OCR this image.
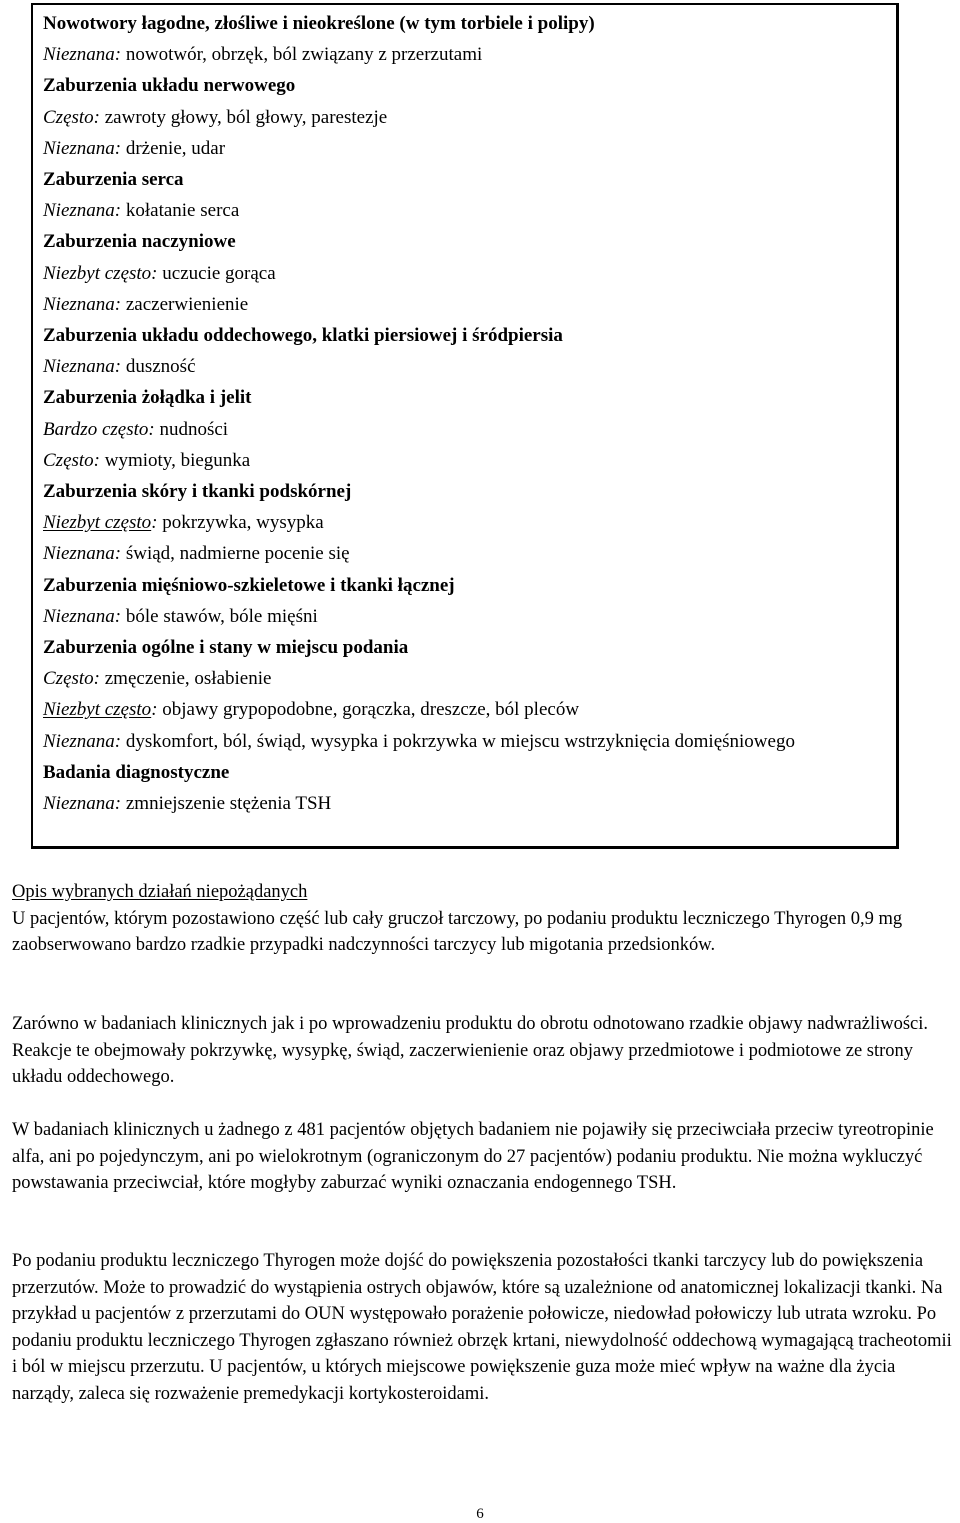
Nowotwory łagodne, złośliwe i nieokreślone (w tym torbiele i polipy)
Nieznana: nowotwór, obrzęk, ból związany z przerzutami
Zaburzenia układu nerwowego
Często: zawroty głowy, ból głowy, parestezje
Nieznana: drżenie, udar
Zaburzenia serca
Nieznana: kołatanie serca
Zaburzenia naczyniowe
Niezbyt często: uczucie gorąca
Nieznana: zaczerwienienie
Zaburzenia układu oddechowego, klatki piersiowej i śródpiersia
Nieznana: duszność
Zaburzenia żołądka i jelit
Bardzo często: nudności
Często: wymioty, biegunka
Zaburzenia skóry i tkanki podskórnej
Niezbyt często: pokrzywka, wysypka
Nieznana: świąd, nadmierne pocenie się
Zaburzenia mięśniowo-szkieletowe i tkanki łącznej
Nieznana: bóle stawów, bóle mięśni
Zaburzenia ogólne i stany w miejscu podania
Często: zmęczenie, osłabienie
Niezbyt często: objawy grypopodobne, gorączka, dreszcze, ból pleców
Nieznana: dyskomfort, ból, świąd, wysypka i pokrzywka w miejscu wstrzyknięcia domięśniowego
Badania diagnostyczne
Nieznana: zmniejszenie stężenia TSH
Opis wybranych działań niepożądanych
U pacjentów, którym pozostawiono część lub cały gruczoł tarczowy, po podaniu produktu leczniczego Thyrogen 0,9 mg zaobserwowano bardzo rzadkie przypadki nadczynności tarczycy lub migotania przedsionków.
Zarówno w badaniach klinicznych jak i po wprowadzeniu produktu do obrotu odnotowano rzadkie objawy nadwrażliwości. Reakcje te obejmowały pokrzywkę, wysypkę, świąd, zaczerwienienie oraz objawy przedmiotowe i podmiotowe ze strony układu oddechowego.
W badaniach klinicznych u żadnego z 481 pacjentów objętych badaniem nie pojawiły się przeciwciała przeciw tyreotropinie alfa, ani po pojedynczym, ani po wielokrotnym (ograniczonym do 27 pacjentów) podaniu produktu. Nie można wykluczyć powstawania przeciwciał, które mogłyby zaburzać wyniki oznaczania endogennego TSH.
Po podaniu produktu leczniczego Thyrogen może dojść do powiększenia pozostałości tkanki tarczycy lub do powiększenia przerzutów. Może to prowadzić do wystąpienia ostrych objawów, które są uzależnione od anatomicznej lokalizacji tkanki. Na przykład u pacjentów z przerzutami do OUN występowało porażenie połowicze, niedowład połowiczy lub utrata wzroku. Po podaniu produktu leczniczego Thyrogen zgłaszano również obrzęk krtani, niewydolność oddechową wymagającą tracheotomii i ból w miejscu przerzutu. U pacjentów, u których miejscowe powiększenie guza może mieć wpływ na ważne dla życia narządy, zaleca się rozważenie premedykacji kortykosteroidami.
6
